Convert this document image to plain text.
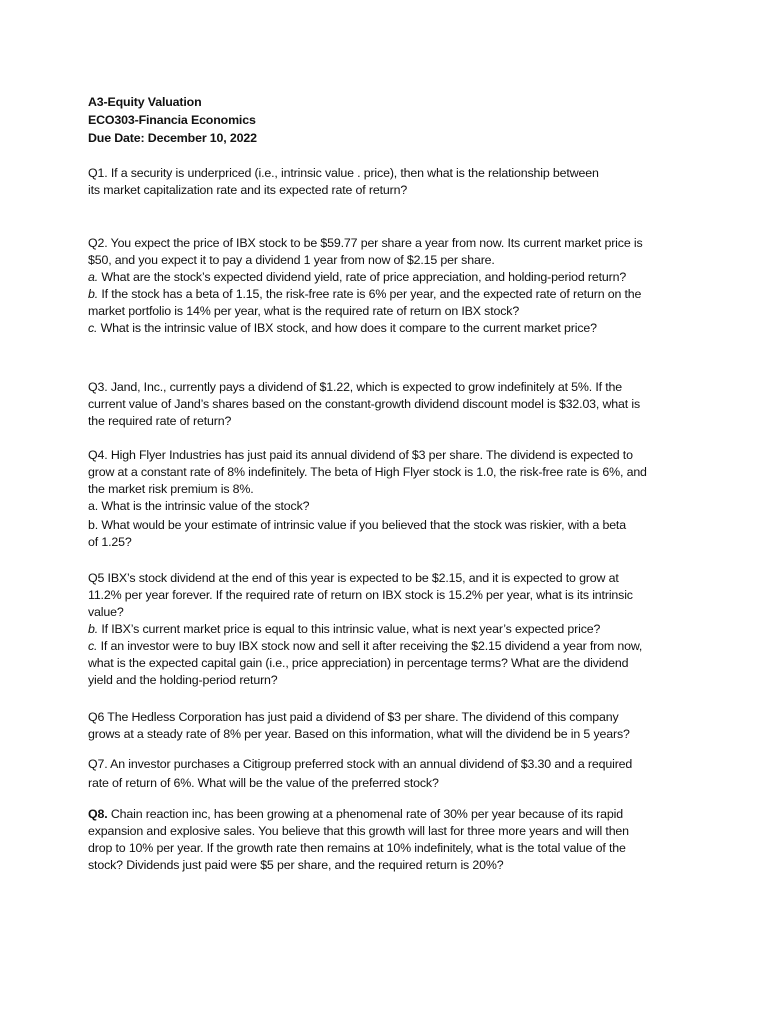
A3-Equity Valuation
ECO303-Financia Economics
Due Date: December 10, 2022
Q1. If a security is underpriced (i.e., intrinsic value . price), then what is the relationship between
its market capitalization rate and its expected rate of return?
Q2. You expect the price of IBX stock to be $59.77 per share a year from now. Its current market price is
$50, and you expect it to pay a dividend 1 year from now of $2.15 per share.
a. What are the stock’s expected dividend yield, rate of price appreciation, and holding-period return?
b. If the stock has a beta of 1.15, the risk-free rate is 6% per year, and the expected rate of return on the
market portfolio is 14% per year, what is the required rate of return on IBX stock?
c. What is the intrinsic value of IBX stock, and how does it compare to the current market price?
Q3. Jand, Inc., currently pays a dividend of $1.22, which is expected to grow indefinitely at 5%. If the
current value of Jand’s shares based on the constant-growth dividend discount model is $32.03, what is
the required rate of return?
Q4. High Flyer Industries has just paid its annual dividend of $3 per share. The dividend is expected to
grow at a constant rate of 8% indefinitely. The beta of High Flyer stock is 1.0, the risk-free rate is 6%, and
the market risk premium is 8%.
a. What is the intrinsic value of the stock?
b. What would be your estimate of intrinsic value if you believed that the stock was riskier, with a beta
of 1.25?
Q5 IBX’s stock dividend at the end of this year is expected to be $2.15, and it is expected to grow at
11.2% per year forever. If the required rate of return on IBX stock is 15.2% per year, what is its intrinsic
value?
b. If IBX’s current market price is equal to this intrinsic value, what is next year’s expected price?
c. If an investor were to buy IBX stock now and sell it after receiving the $2.15 dividend a year from now,
what is the expected capital gain (i.e., price appreciation) in percentage terms? What are the dividend
yield and the holding-period return?
Q6 The Hedless Corporation has just paid a dividend of $3 per share. The dividend of this company
grows at a steady rate of 8% per year. Based on this information, what will the dividend be in 5 years?
Q7. An investor purchases a Citigroup preferred stock with an annual dividend of $3.30 and a required
rate of return of 6%. What will be the value of the preferred stock?
Q8. Chain reaction inc, has been growing at a phenomenal rate of 30% per year because of its rapid
expansion and explosive sales. You believe that this growth will last for three more years and will then
drop to 10% per year. If the growth rate then remains at 10% indefinitely, what is the total value of the
stock? Dividends just paid were $5 per share, and the required return is 20%?
